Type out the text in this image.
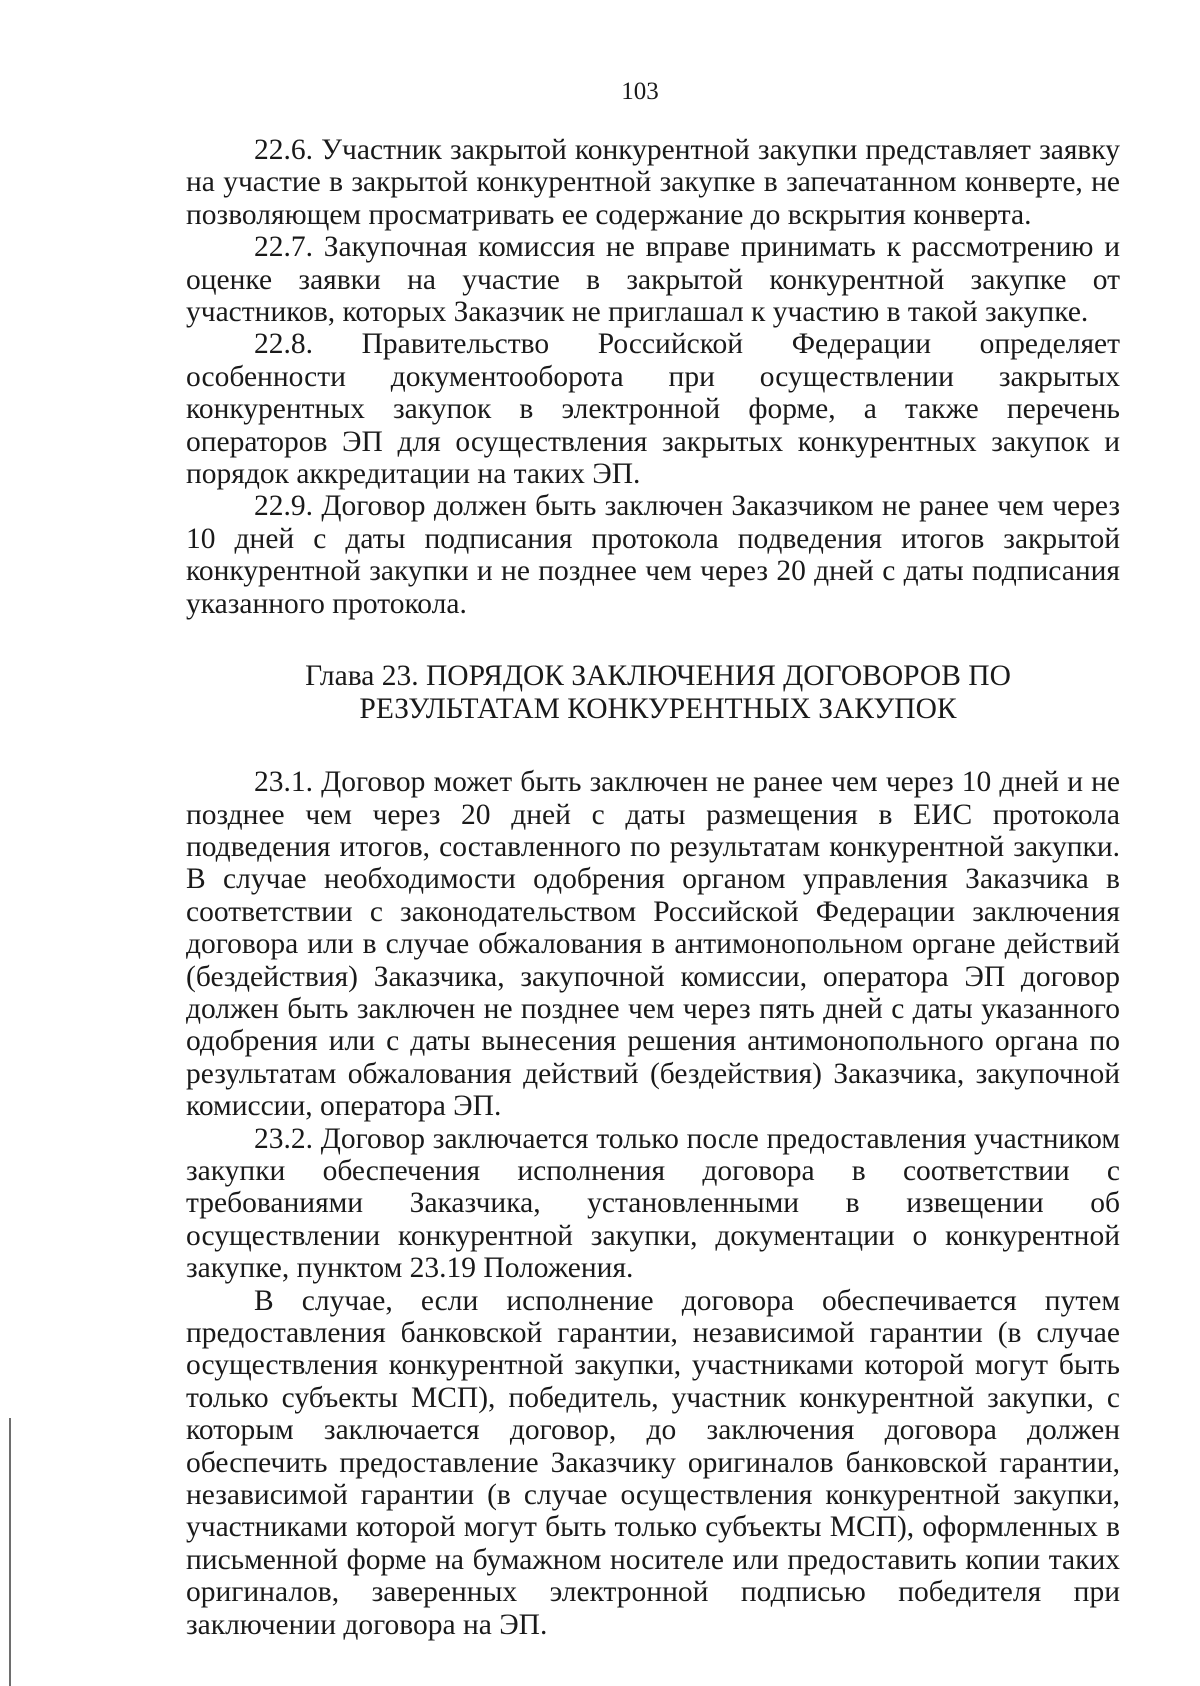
103

22.6. Участник закрытой конкурентной закупки представляет заявку на участие в закрытой конкурентной закупке в запечатанном конверте, не позволяющем просматривать ее содержание до вскрытия конверта.

22.7. Закупочная комиссия не вправе принимать к рассмотрению и оценке заявки на участие в закрытой конкурентной закупке от участников, которых Заказчик не приглашал к участию в такой закупке.

22.8. Правительство Российской Федерации определяет особенности документооборота при осуществлении закрытых конкурентных закупок в электронной форме, а также перечень операторов ЭП для осуществления закрытых конкурентных закупок и порядок аккредитации на таких ЭП.

22.9. Договор должен быть заключен Заказчиком не ранее чем через 10 дней с даты подписания протокола подведения итогов закрытой конкурентной закупки и не позднее чем через 20 дней с даты подписания указанного протокола.

Глава 23. ПОРЯДОК ЗАКЛЮЧЕНИЯ ДОГОВОРОВ ПО
РЕЗУЛЬТАТАМ КОНКУРЕНТНЫХ ЗАКУПОК

23.1. Договор может быть заключен не ранее чем через 10 дней и не позднее чем через 20 дней с даты размещения в ЕИС протокола подведения итогов, составленного по результатам конкурентной закупки. В случае необходимости одобрения органом управления Заказчика в соответствии с законодательством Российской Федерации заключения договора или в случае обжалования в антимонопольном органе действий (бездействия) Заказчика, закупочной комиссии, оператора ЭП договор должен быть заключен не позднее чем через пять дней с даты указанного одобрения или с даты вынесения решения антимонопольного органа по результатам обжалования действий (бездействия) Заказчика, закупочной комиссии, оператора ЭП.

23.2. Договор заключается только после предоставления участником закупки обеспечения исполнения договора в соответствии с требованиями Заказчика, установленными в извещении об осуществлении конкурентной закупки, документации о конкурентной закупке, пунктом 23.19 Положения.

В случае, если исполнение договора обеспечивается путем предоставления банковской гарантии, независимой гарантии (в случае осуществления конкурентной закупки, участниками которой могут быть только субъекты МСП), победитель, участник конкурентной закупки, с которым заключается договор, до заключения договора должен обеспечить предоставление Заказчику оригиналов банковской гарантии, независимой гарантии (в случае осуществления конкурентной закупки, участниками которой могут быть только субъекты МСП), оформленных в письменной форме на бумажном носителе или предоставить копии таких оригиналов, заверенных электронной подписью победителя при заключении договора на ЭП.
